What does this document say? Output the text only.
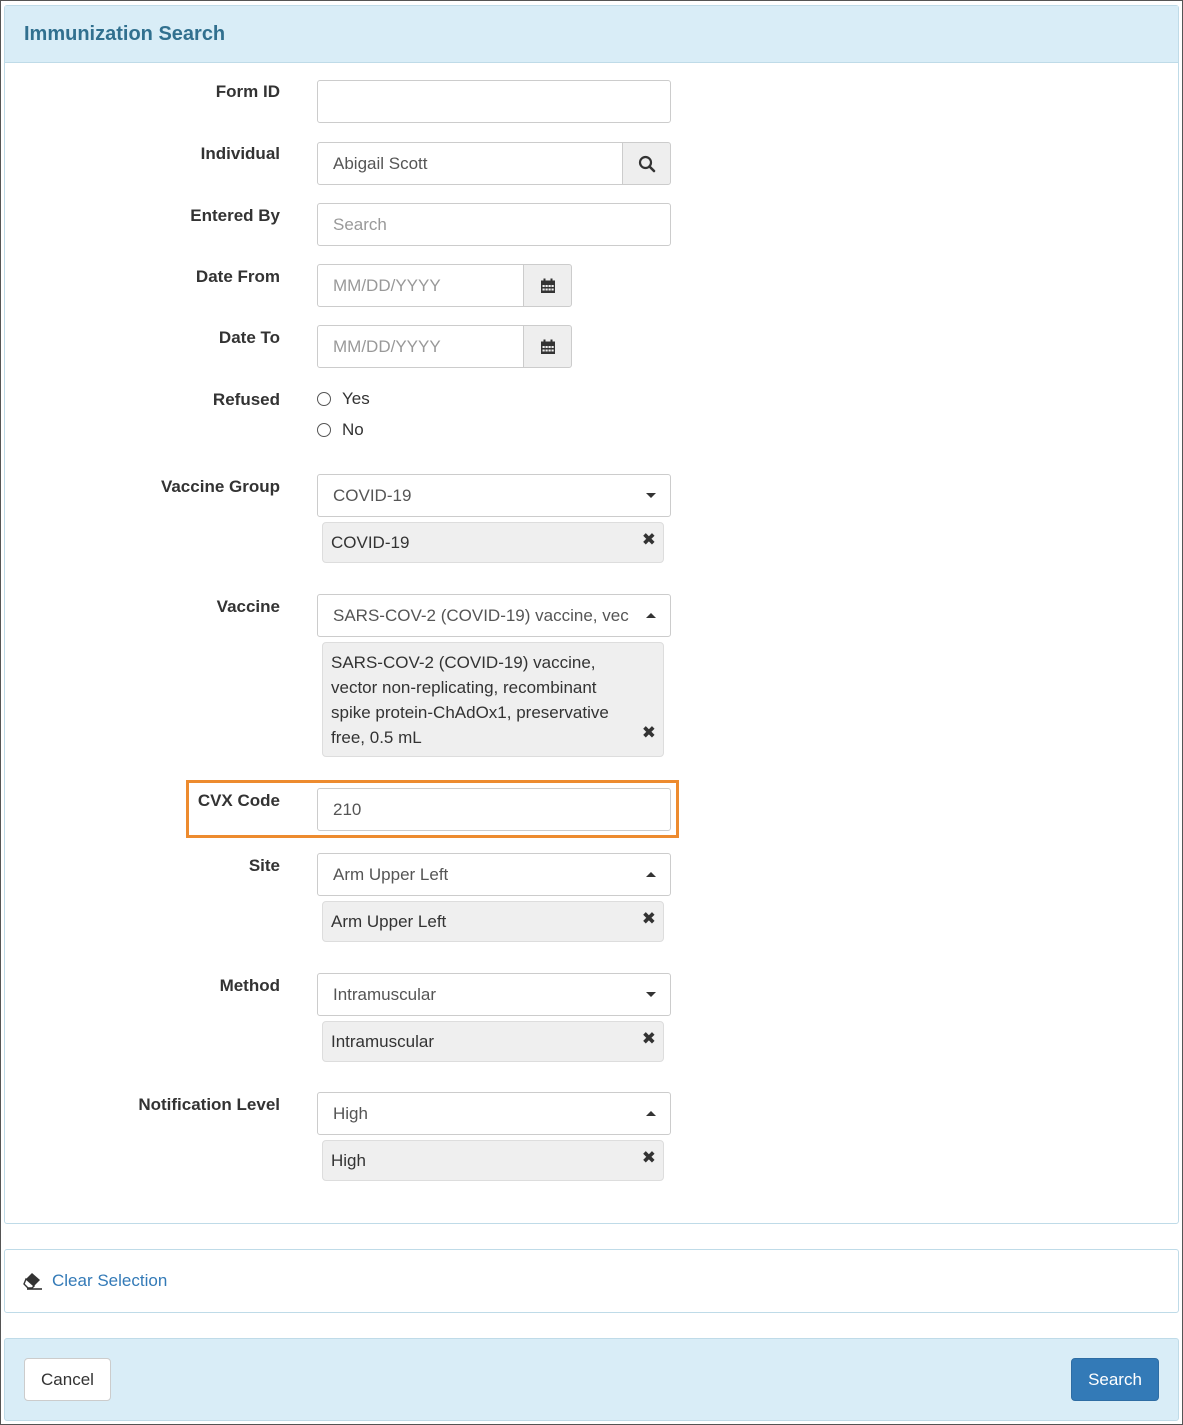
Immunization Search
Form ID
Individual	Abigail Scott
Entered By	Search
Date From	MM/DD/YYYY
Date To	MM/DD/YYYY
Refused	Yes
No
Vaccine Group	COVID-19
COVID-19	✖
Vaccine	SARS-COV-2 (COVID-19) vaccine, vec
SARS-COV-2 (COVID-19) vaccine, vector non-replicating, recombinant spike protein-ChAdOx1, preservative free, 0.5 mL	✖
CVX Code	210
Site	Arm Upper Left
Arm Upper Left	✖
Method	Intramuscular
Intramuscular	✖
Notification Level	High
High	✖
Clear Selection
Cancel	Search
